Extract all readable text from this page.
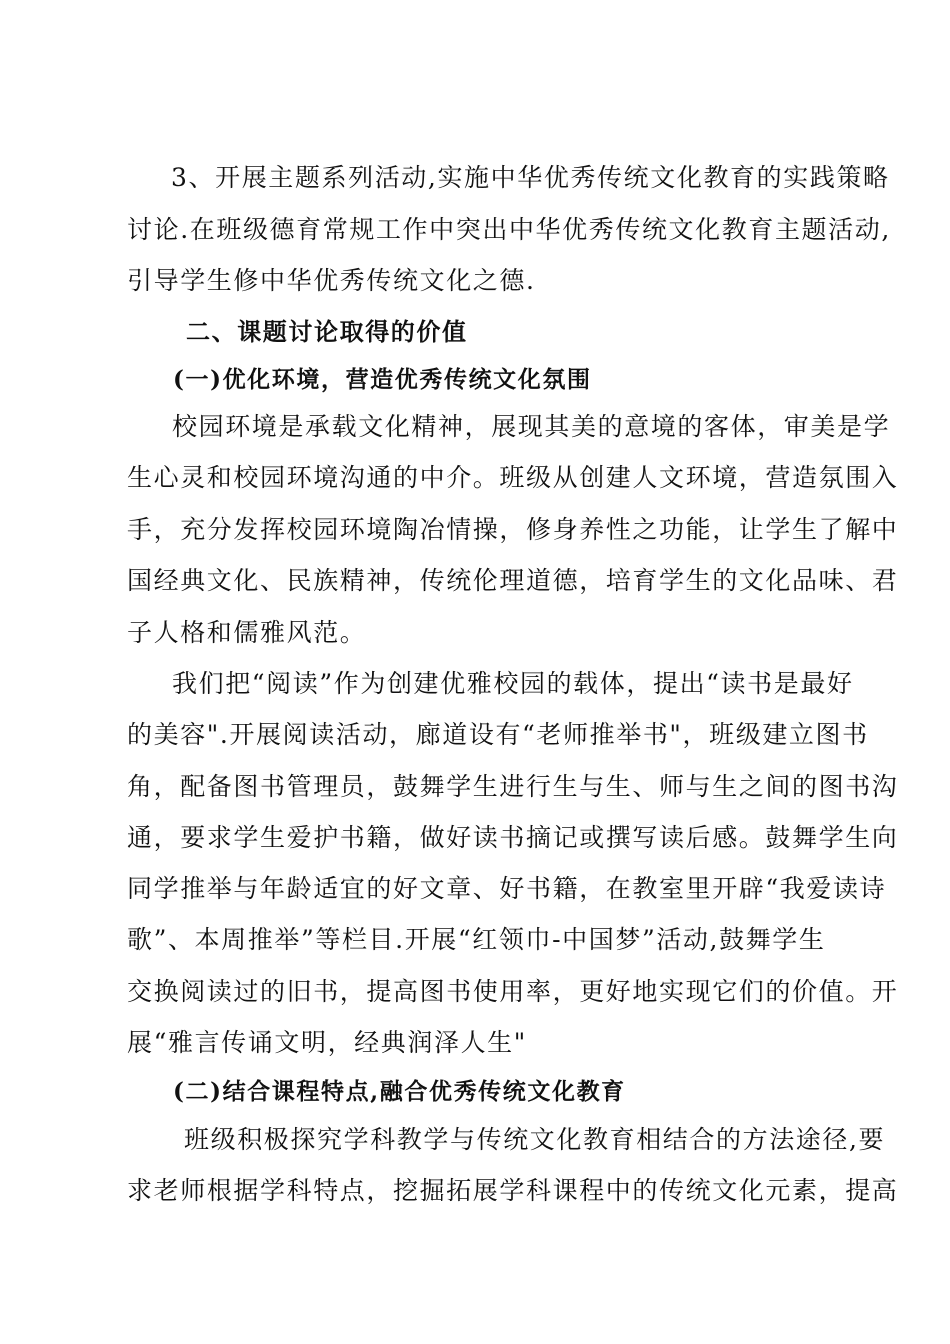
3、开展主题系列活动,实施中华优秀传统文化教育的实践策略
讨论.在班级德育常规工作中突出中华优秀传统文化教育主题活动,
引导学生修中华优秀传统文化之德.
二、课题讨论取得的价值
(一)优化环境，营造优秀传统文化氛围
校园环境是承载文化精神，展现其美的意境的客体，审美是学
生心灵和校园环境沟通的中介。班级从创建人文环境，营造氛围入
手，充分发挥校园环境陶冶情操，修身养性之功能，让学生了解中
国经典文化、民族精神，传统伦理道德，培育学生的文化品味、君
子人格和儒雅风范。
我们把“阅读”作为创建优雅校园的载体，提出“读书是最好
的美容".开展阅读活动，廊道设有“老师推举书"，班级建立图书
角，配备图书管理员，鼓舞学生进行生与生、师与生之间的图书沟
通，要求学生爱护书籍，做好读书摘记或撰写读后感。鼓舞学生向
同学推举与年龄适宜的好文章、好书籍，在教室里开辟“我爱读诗
歌”、本周推举”等栏目.开展“红领巾-中国梦”活动,鼓舞学生
交换阅读过的旧书，提高图书使用率，更好地实现它们的价值。开
展“雅言传诵文明，经典润泽人生"
(二)结合课程特点,融合优秀传统文化教育
班级积极探究学科教学与传统文化教育相结合的方法途径,要
求老师根据学科特点，挖掘拓展学科课程中的传统文化元素，提高
